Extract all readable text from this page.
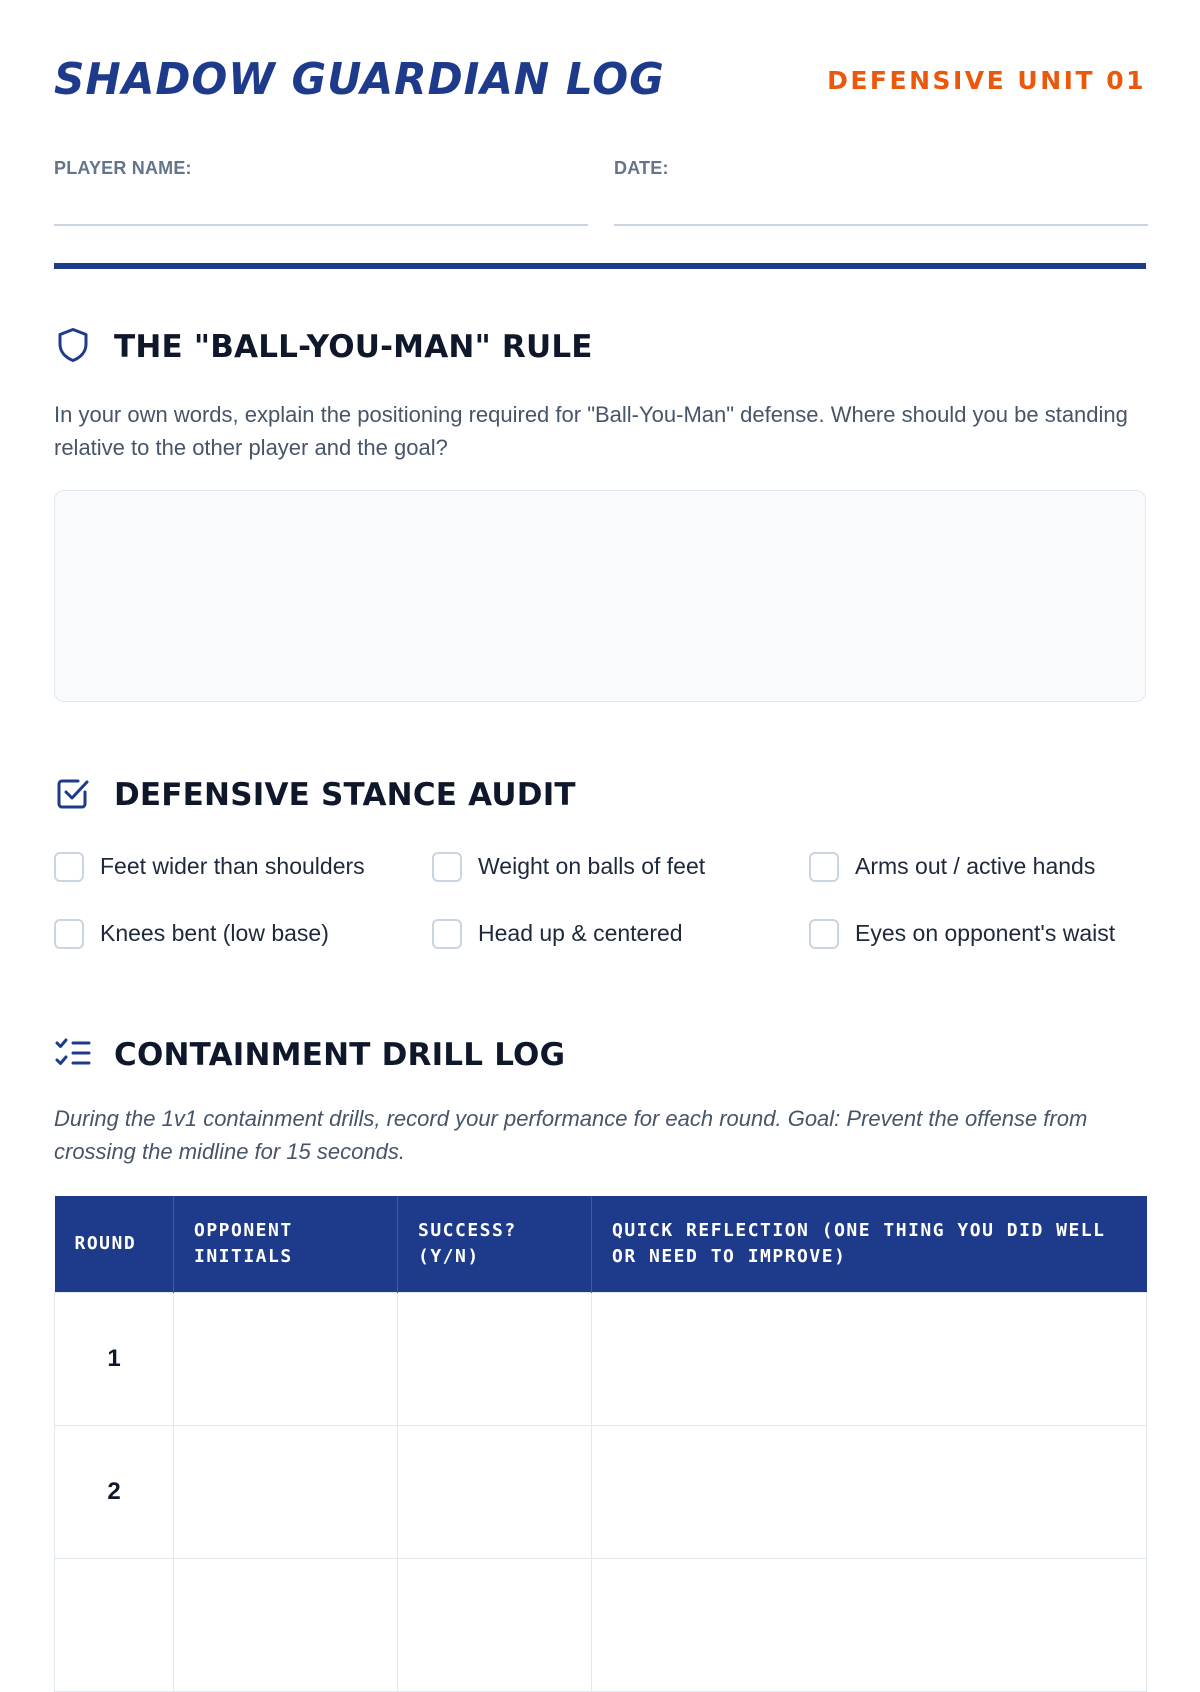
SHADOW GUARDIAN LOG	DEFENSIVE UNIT 01
PLAYER NAME:	DATE:
THE "BALL-YOU-MAN" RULE
In your own words, explain the positioning required for "Ball-You-Man" defense. Where should you be standing relative to the other player and the goal?
DEFENSIVE STANCE AUDIT
Feet wider than shoulders	Weight on balls of feet	Arms out / active hands
Knees bent (low base)	Head up & centered	Eyes on opponent's waist
CONTAINMENT DRILL LOG
During the 1v1 containment drills, record your performance for each round. Goal: Prevent the offense from crossing the midline for 15 seconds.
ROUND	OPPONENT INITIALS	SUCCESS? (Y/N)	QUICK REFLECTION (ONE THING YOU DID WELL OR NEED TO IMPROVE)
1			
2			
